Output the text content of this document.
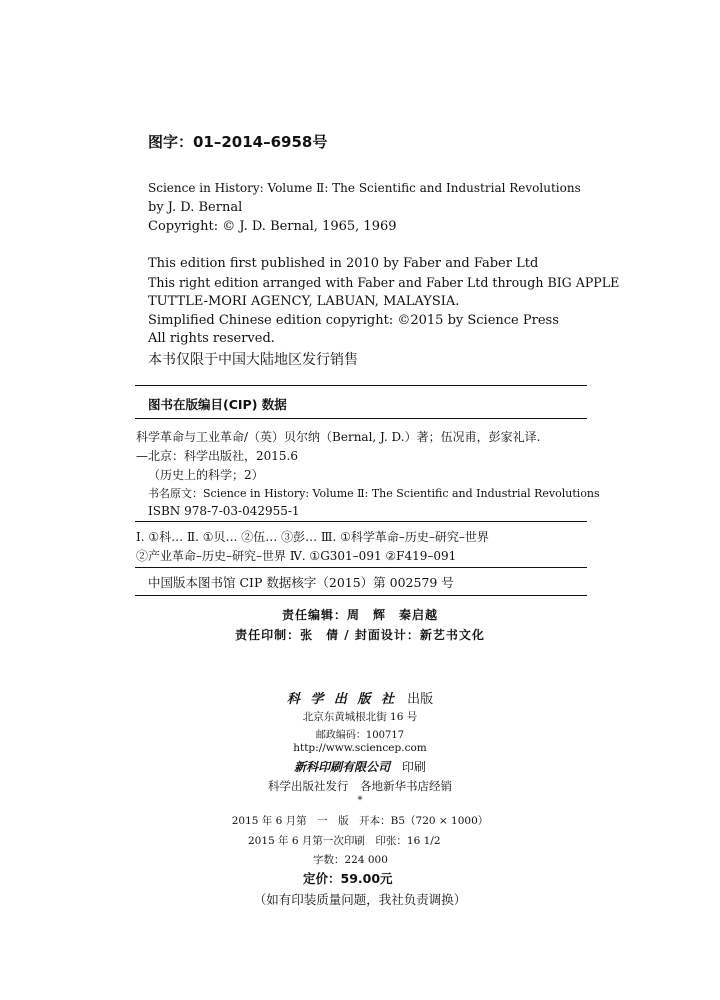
图字：01–2014–6958号
Science in History: Volume Ⅱ: The Scientific and Industrial Revolutions
by J. D. Bernal
Copyright: © J. D. Bernal, 1965, 1969
This edition first published in 2010 by Faber and Faber Ltd
This right edition arranged with Faber and Faber Ltd through BIG APPLE
TUTTLE-MORI AGENCY, LABUAN, MALAYSIA.
Simplified Chinese edition copyright: ©2015 by Science Press
All rights reserved.
本书仅限于中国大陆地区发行销售
图书在版编目(CIP) 数据
科学革命与工业革命/（英）贝尔纳（Bernal, J. D.）著；伍况甫，彭家礼译.
—北京：科学出版社，2015.6
（历史上的科学；2）
书名原文：Science in History: Volume Ⅱ: The Scientific and Industrial Revolutions
ISBN 978-7-03-042955-1
Ⅰ. ①科… Ⅱ. ①贝… ②伍… ③彭… Ⅲ. ①科学革命–历史–研究–世界
②产业革命–历史–研究–世界 Ⅳ. ①G301–091 ②F419–091
中国版本图书馆 CIP 数据核字（2015）第 002579 号
责任编辑：周　辉　秦启越
责任印制：张　倩 / 封面设计：新艺书文化
科 学 出 版 社 出版
北京东黄城根北街 16 号
邮政编码：100717
http://www.sciencep.com
新科印刷有限公司 印刷
科学出版社发行　各地新华书店经销
*
2015 年 6 月第　一　版　开本：B5（720 × 1000）
2015 年 6 月第一次印刷　印张：16 1/2
字数：224 000
定价：59.00元
（如有印装质量问题，我社负责调换）
